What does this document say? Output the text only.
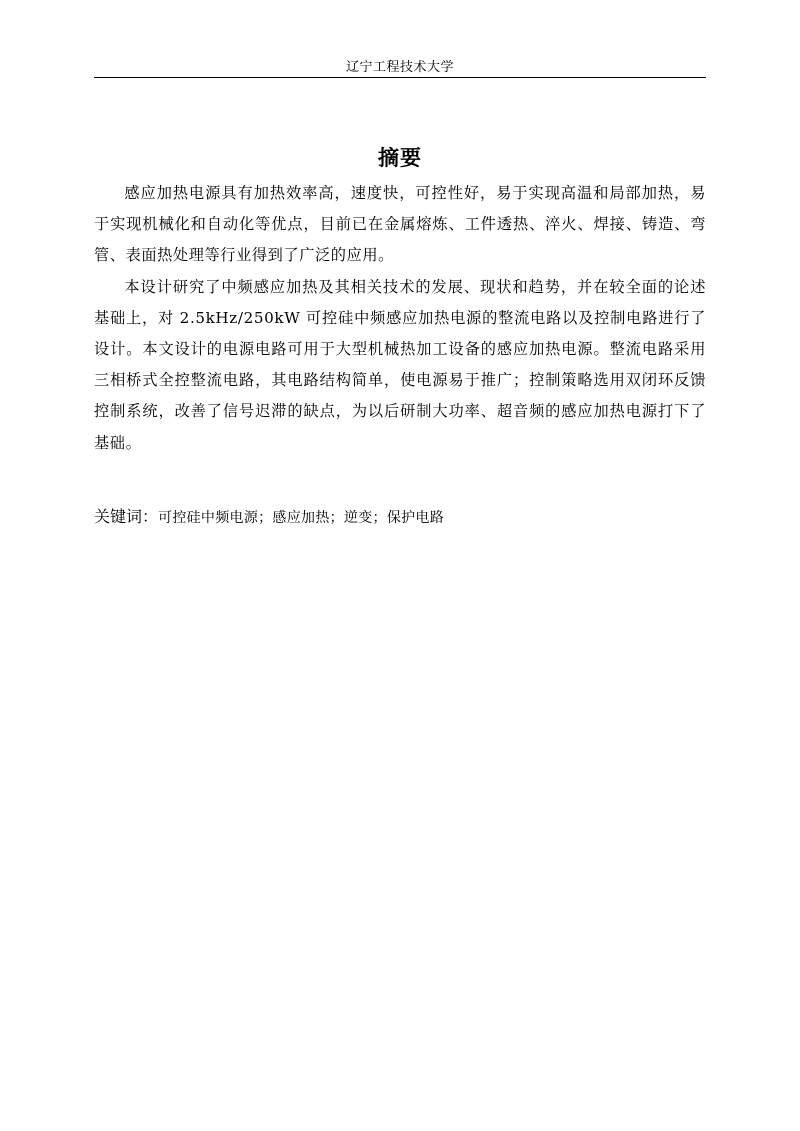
辽宁工程技术大学
摘要

感应加热电源具有加热效率高，速度快，可控性好，易于实现高温和局部加热，易于实现机械化和自动化等优点，目前已在金属熔炼、工件透热、淬火、焊接、铸造、弯管、表面热处理等行业得到了广泛的应用。

本设计研究了中频感应加热及其相关技术的发展、现状和趋势，并在较全面的论述基础上，对 2.5kHz/250kW 可控硅中频感应加热电源的整流电路以及控制电路进行了设计。本文设计的电源电路可用于大型机械热加工设备的感应加热电源。整流电路采用三相桥式全控整流电路，其电路结构简单，使电源易于推广；控制策略选用双闭环反馈控制系统，改善了信号迟滞的缺点，为以后研制大功率、超音频的感应加热电源打下了基础。

关键词：可控硅中频电源；感应加热；逆变；保护电路
